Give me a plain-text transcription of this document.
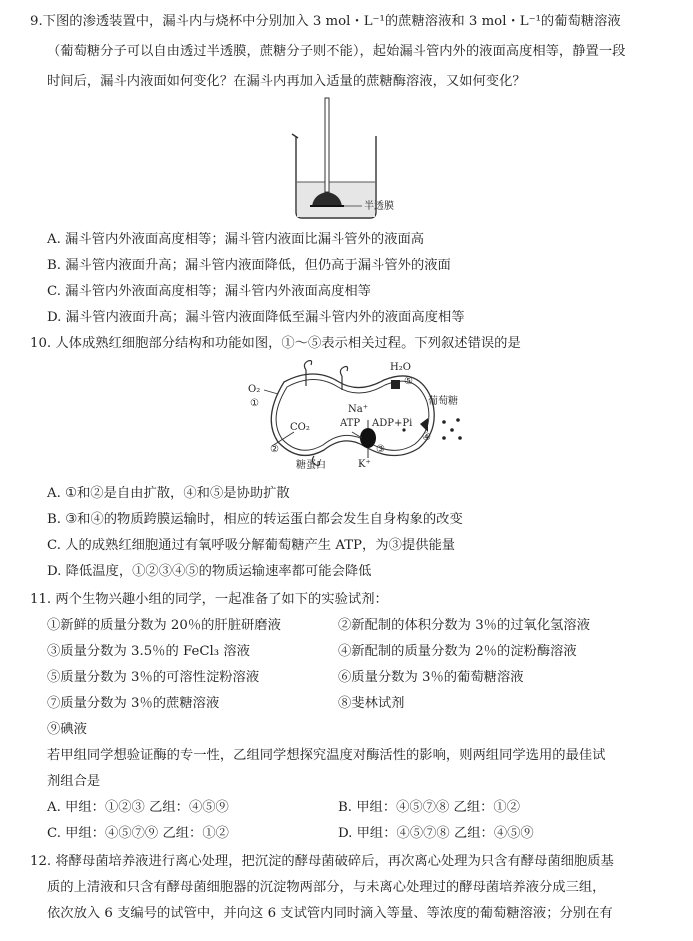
9.下图的渗透装置中，漏斗内与烧杯中分别加入 3 mol・L⁻¹的蔗糖溶液和 3 mol・L⁻¹的葡萄糖溶液
（葡萄糖分子可以自由透过半透膜，蔗糖分子则不能），起始漏斗管内外的液面高度相等，静置一段
时间后，漏斗内液面如何变化？在漏斗内再加入适量的蔗糖酶溶液，又如何变化？
半透膜
A. 漏斗管内外液面高度相等；漏斗管内液面比漏斗管外的液面高
B. 漏斗管内液面升高；漏斗管内液面降低，但仍高于漏斗管外的液面
C. 漏斗管内外液面高度相等；漏斗管内外液面高度相等
D. 漏斗管内液面升高；漏斗管内液面降低至漏斗管内外的液面高度相等
10. 人体成熟红细胞部分结构和功能如图，①～⑤表示相关过程。下列叙述错误的是
O₂
①
CO₂
②
H₂O
⑤
葡萄糖
④
Na⁺
ATP ADP+Pi
③
K⁺
糖蛋白
A. ①和②是自由扩散，④和⑤是协助扩散
B. ③和④的物质跨膜运输时，相应的转运蛋白都会发生自身构象的改变
C. 人的成熟红细胞通过有氧呼吸分解葡萄糖产生 ATP，为③提供能量
D. 降低温度，①②③④⑤的物质运输速率都可能会降低
11. 两个生物兴趣小组的同学，一起准备了如下的实验试剂：
①新鲜的质量分数为 20％的肝脏研磨液	②新配制的体积分数为 3％的过氧化氢溶液
③质量分数为 3.5％的 FeCl₃ 溶液	④新配制的质量分数为 2％的淀粉酶溶液
⑤质量分数为 3％的可溶性淀粉溶液	⑥质量分数为 3％的葡萄糖溶液
⑦质量分数为 3％的蔗糖溶液	⑧斐林试剂
⑨碘液
若甲组同学想验证酶的专一性，乙组同学想探究温度对酶活性的影响，则两组同学选用的最佳试
剂组合是
A. 甲组：①②③ 乙组：④⑤⑨	B. 甲组：④⑤⑦⑧ 乙组：①②
C. 甲组：④⑤⑦⑨ 乙组：①②	D. 甲组：④⑤⑦⑧ 乙组：④⑤⑨
12. 将酵母菌培养液进行离心处理，把沉淀的酵母菌破碎后，再次离心处理为只含有酵母菌细胞质基
质的上清液和只含有酵母菌细胞器的沉淀物两部分，与未离心处理过的酵母菌培养液分成三组，
依次放入 6 支编号的试管中，并向这 6 支试管内同时滴入等量、等浓度的葡萄糖溶液；分别在有
